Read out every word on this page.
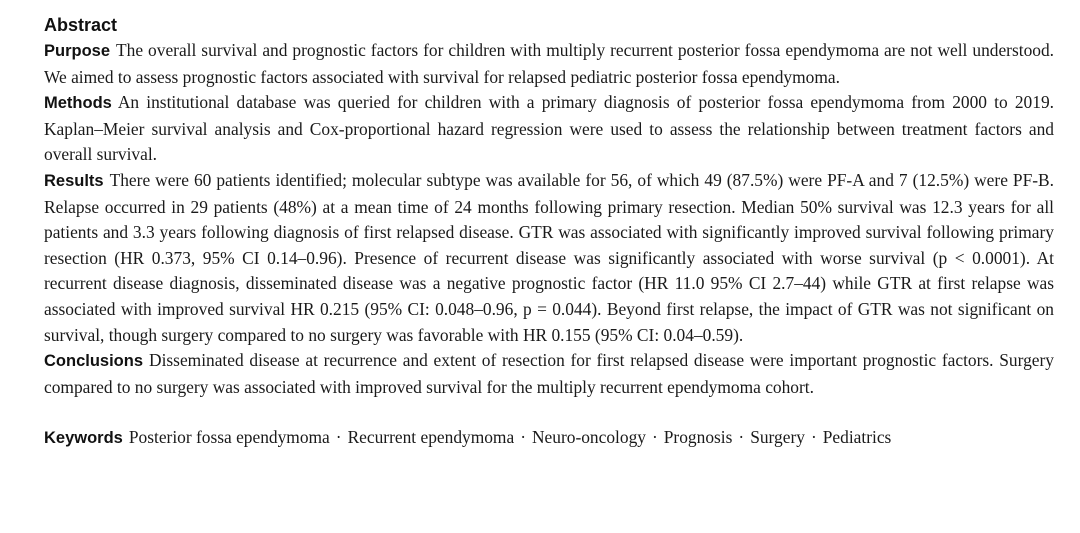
Abstract

Purpose The overall survival and prognostic factors for children with multiply recurrent posterior fossa ependymoma are not well understood. We aimed to assess prognostic factors associated with survival for relapsed pediatric posterior fossa ependymoma.

Methods An institutional database was queried for children with a primary diagnosis of posterior fossa ependymoma from 2000 to 2019. Kaplan–Meier survival analysis and Cox-proportional hazard regression were used to assess the relationship between treatment factors and overall survival.

Results There were 60 patients identified; molecular subtype was available for 56, of which 49 (87.5%) were PF-A and 7 (12.5%) were PF-B. Relapse occurred in 29 patients (48%) at a mean time of 24 months following primary resection. Median 50% survival was 12.3 years for all patients and 3.3 years following diagnosis of first relapsed disease. GTR was associated with significantly improved survival following primary resection (HR 0.373, 95% CI 0.14–0.96). Presence of recurrent disease was significantly associated with worse survival (p < 0.0001). At recurrent disease diagnosis, disseminated disease was a negative prognostic factor (HR 11.0 95% CI 2.7–44) while GTR at first relapse was associated with improved survival HR 0.215 (95% CI: 0.048–0.96, p = 0.044). Beyond first relapse, the impact of GTR was not significant on survival, though surgery compared to no surgery was favorable with HR 0.155 (95% CI: 0.04–0.59).

Conclusions Disseminated disease at recurrence and extent of resection for first relapsed disease were important prognostic factors. Surgery compared to no surgery was associated with improved survival for the multiply recurrent ependymoma cohort.

Keywords Posterior fossa ependymoma · Recurrent ependymoma · Neuro-oncology · Prognosis · Surgery · Pediatrics
